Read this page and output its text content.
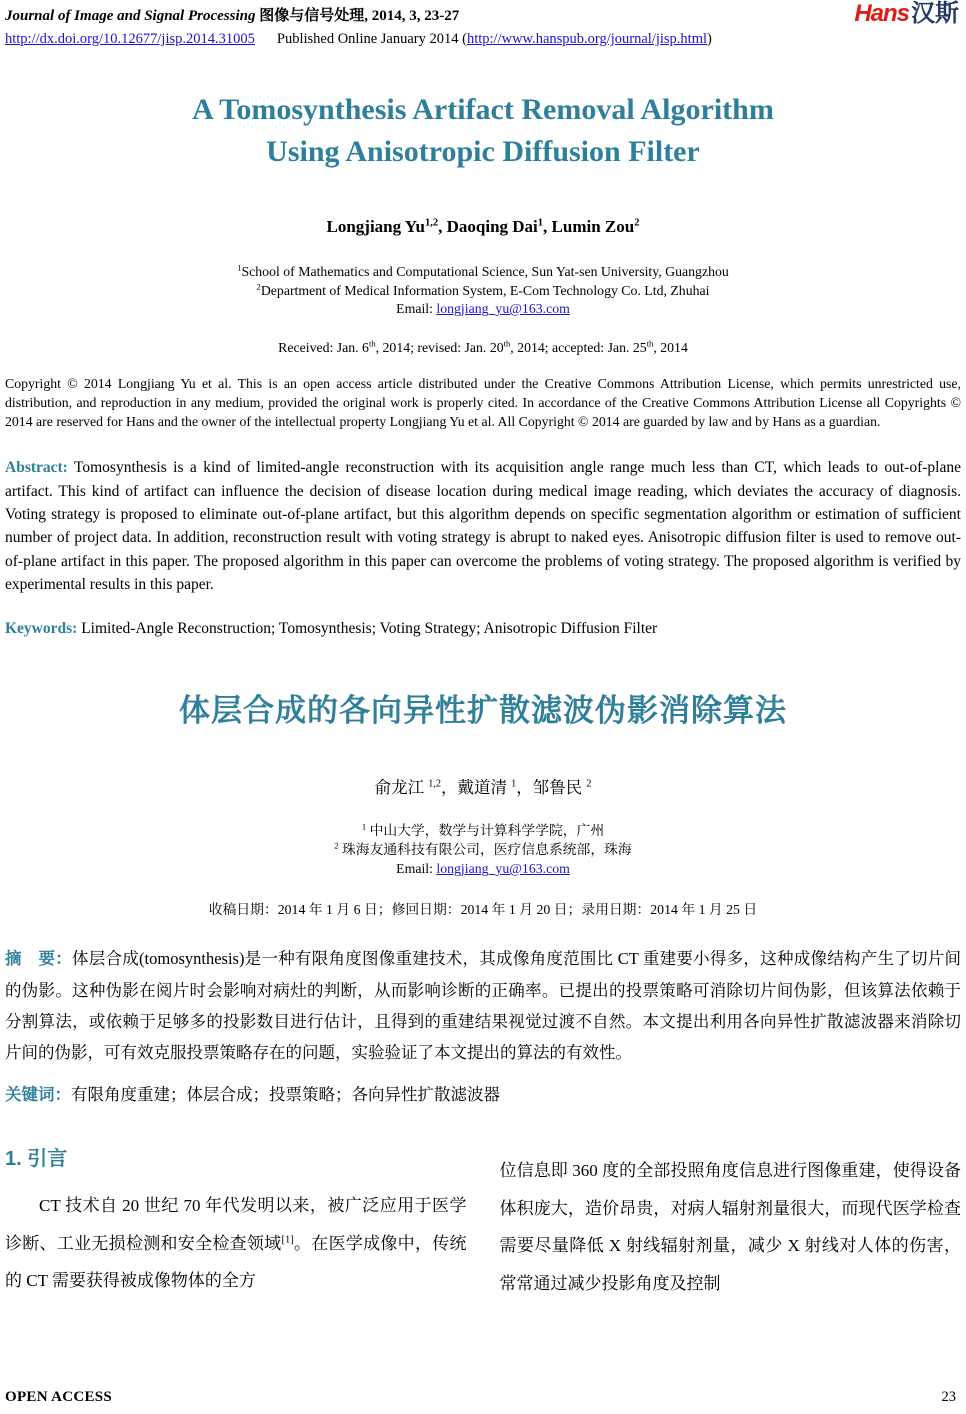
Journal of Image and Signal Processing 图像与信号处理, 2014, 3, 23-27
http://dx.doi.org/10.12677/jisp.2014.31005 Published Online January 2014 (http://www.hanspub.org/journal/jisp.html)
Hans汉斯
A Tomosynthesis Artifact Removal Algorithm
Using Anisotropic Diffusion Filter
Longjiang Yu$^{1,2}$, Daoqing Dai$^1$, Lumin Zou$^2$
$^1$School of Mathematics and Computational Science, Sun Yat-sen University, Guangzhou
$^2$Department of Medical Information System, E-Com Technology Co. Ltd, Zhuhai
Email: longjiang_yu@163.com
Received: Jan. 6th, 2014; revised: Jan. 20th, 2014; accepted: Jan. 25th, 2014
Copyright © 2014 Longjiang Yu et al. This is an open access article distributed under the Creative Commons Attribution License, which permits unrestricted use, distribution, and reproduction in any medium, provided the original work is properly cited. In accordance of the Creative Commons Attribution License all Copyrights © 2014 are reserved for Hans and the owner of the intellectual property Longjiang Yu et al. All Copyright © 2014 are guarded by law and by Hans as a guardian.
Abstract: Tomosynthesis is a kind of limited-angle reconstruction with its acquisition angle range much less than CT, which leads to out-of-plane artifact. This kind of artifact can influence the decision of disease location during medical image reading, which deviates the accuracy of diagnosis. Voting strategy is proposed to eliminate out-of-plane artifact, but this algorithm depends on specific segmentation algorithm or estimation of sufficient number of project data. In addition, reconstruction result with voting strategy is abrupt to naked eyes. Anisotropic diffusion filter is used to remove out-of-plane artifact in this paper. The proposed algorithm in this paper can overcome the problems of voting strategy. The proposed algorithm is verified by experimental results in this paper.
Keywords: Limited-Angle Reconstruction; Tomosynthesis; Voting Strategy; Anisotropic Diffusion Filter
体层合成的各向异性扩散滤波伪影消除算法
俞龙江 $^{1,2}$，戴道清 $^1$，邹鲁民 $^2$
$^1$ 中山大学，数学与计算科学学院，广州
$^2$ 珠海友通科技有限公司，医疗信息系统部，珠海
Email: longjiang_yu@163.com
收稿日期：2014 年 1 月 6 日；修回日期：2014 年 1 月 20 日；录用日期：2014 年 1 月 25 日
摘　要：体层合成(tomosynthesis)是一种有限角度图像重建技术，其成像角度范围比 CT 重建要小得多，这种成像结构产生了切片间的伪影。这种伪影在阅片时会影响对病灶的判断，从而影响诊断的正确率。已提出的投票策略可消除切片间伪影，但该算法依赖于分割算法，或依赖于足够多的投影数目进行估计，且得到的重建结果视觉过渡不自然。本文提出利用各向异性扩散滤波器来消除切片间的伪影，可有效克服投票策略存在的问题，实验验证了本文提出的算法的有效性。
关键词：有限角度重建；体层合成；投票策略；各向异性扩散滤波器
1. 引言

CT 技术自 20 世纪 70 年代发明以来，被广泛应用于医学诊断、工业无损检测和安全检查领域[1]。在医学成像中，传统的 CT 需要获得被成像物体的全方

位信息即 360 度的全部投照角度信息进行图像重建，使得设备体积庞大，造价昂贵，对病人辐射剂量很大，而现代医学检查需要尽量降低 X 射线辐射剂量，减少 X 射线对人体的伤害，常常通过减少投影角度及控制

OPEN ACCESS	23
